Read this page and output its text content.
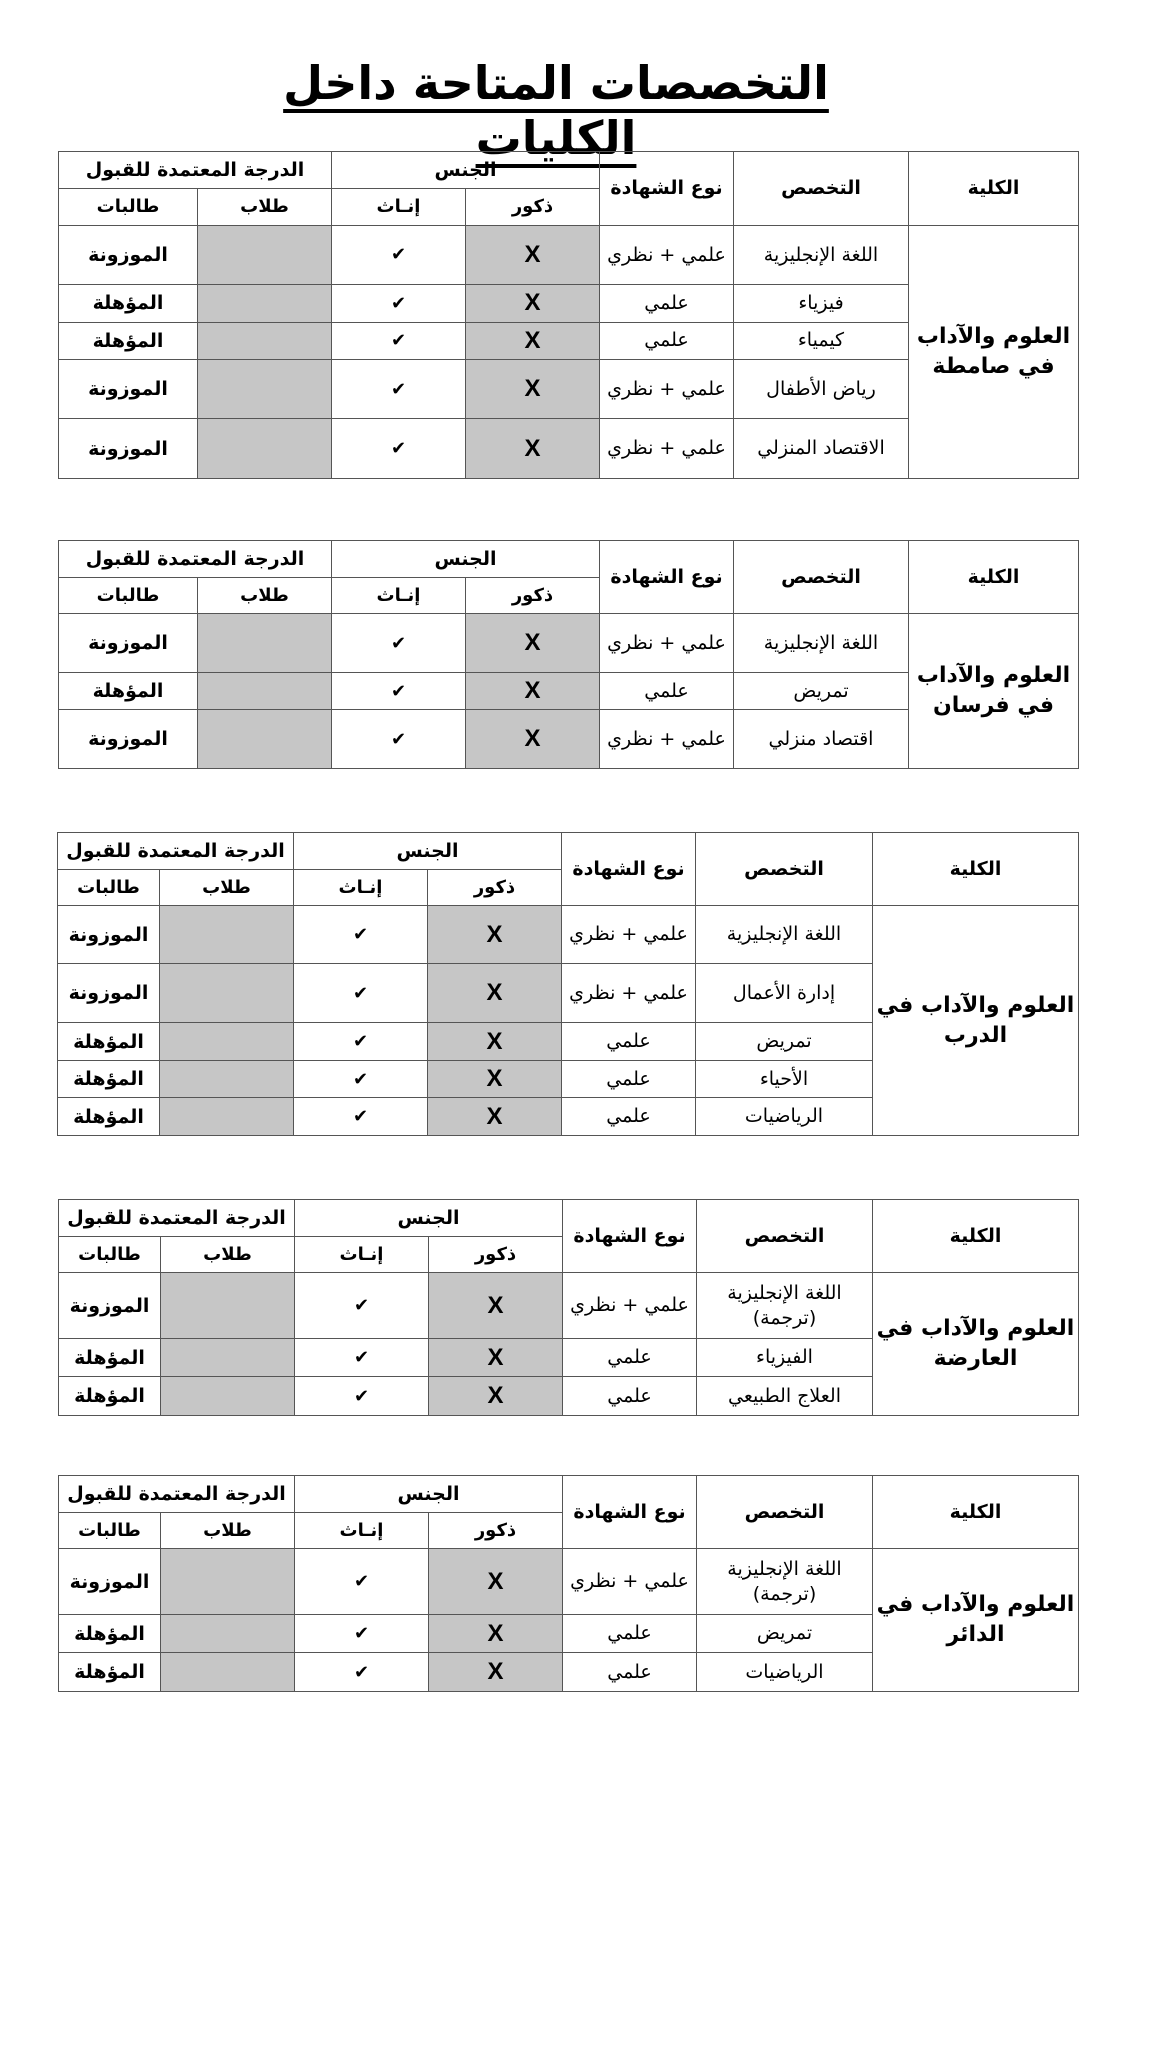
التخصصات المتاحة داخل الكليات
الكلية	التخصص	نوع الشهادة	الجنس		الدرجة المعتمدة للقبول	
			ذكور	إنـاث	طلاب	طالبات
العلوم والآداب في صامطة	اللغة الإنجليزية	علمي + نظري	X	✔		الموزونة
	فيزياء	علمي	X	✔		المؤهلة
	كيمياء	علمي	X	✔		المؤهلة
	رياض الأطفال	علمي + نظري	X	✔		الموزونة
	الاقتصاد المنزلي	علمي + نظري	X	✔		الموزونة
الكلية	التخصص	نوع الشهادة	الجنس		الدرجة المعتمدة للقبول	
			ذكور	إنـاث	طلاب	طالبات
العلوم والآداب في فرسان	اللغة الإنجليزية	علمي + نظري	X	✔		الموزونة
	تمريض	علمي	X	✔		المؤهلة
	اقتصاد منزلي	علمي + نظري	X	✔		الموزونة
الكلية	التخصص	نوع الشهادة	الجنس		الدرجة المعتمدة للقبول	
			ذكور	إنـاث	طلاب	طالبات
العلوم والآداب في الدرب	اللغة الإنجليزية	علمي + نظري	X	✔		الموزونة
	إدارة الأعمال	علمي + نظري	X	✔		الموزونة
	تمريض	علمي	X	✔		المؤهلة
	الأحياء	علمي	X	✔		المؤهلة
	الرياضيات	علمي	X	✔		المؤهلة
الكلية	التخصص	نوع الشهادة	الجنس		الدرجة المعتمدة للقبول	
			ذكور	إنـاث	طلاب	طالبات
العلوم والآداب في العارضة	اللغة الإنجليزية (ترجمة)	علمي + نظري	X	✔		الموزونة
	الفيزياء	علمي	X	✔		المؤهلة
	العلاج الطبيعي	علمي	X	✔		المؤهلة
الكلية	التخصص	نوع الشهادة	الجنس		الدرجة المعتمدة للقبول	
			ذكور	إنـاث	طلاب	طالبات
العلوم والآداب في الدائر	اللغة الإنجليزية (ترجمة)	علمي + نظري	X	✔		الموزونة
	تمريض	علمي	X	✔		المؤهلة
	الرياضيات	علمي	X	✔		المؤهلة
